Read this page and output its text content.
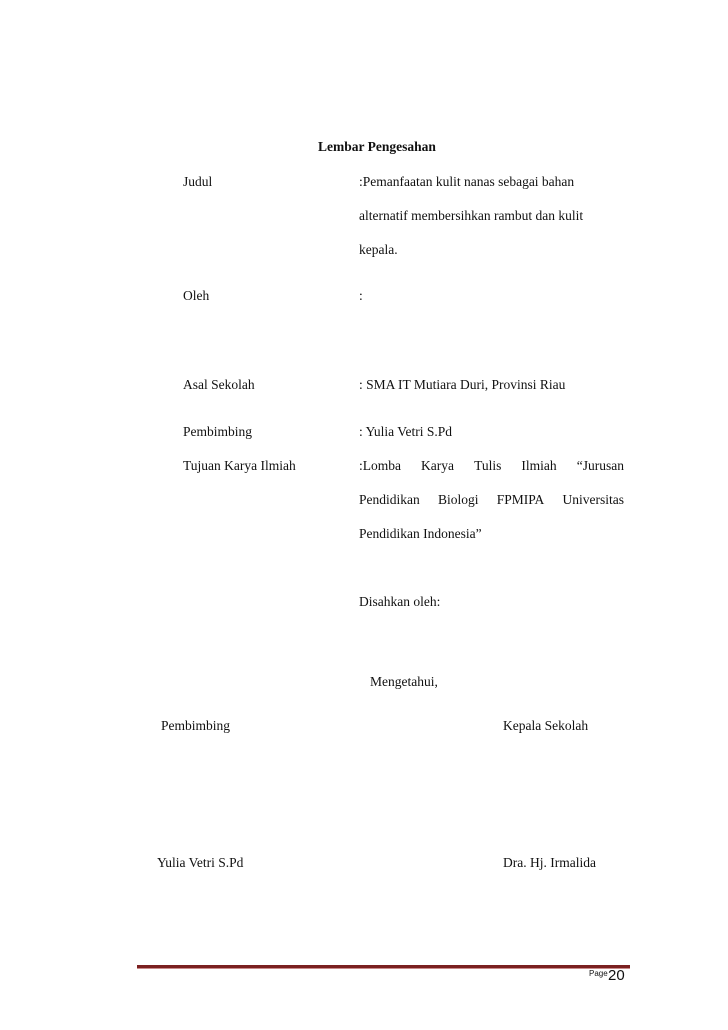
Lembar Pengesahan
Judul	:Pemanfaatan kulit nanas sebagai bahan
alternatif membersihkan rambut dan kulit
kepala.
Oleh	:
Asal Sekolah	: SMA IT Mutiara Duri, Provinsi Riau
Pembimbing	: Yulia Vetri S.Pd
Tujuan Karya Ilmiah	:Lomba Karya Tulis Ilmiah “Jurusan
Pendidikan Biologi FPMIPA Universitas
Pendidikan Indonesia”
Disahkan oleh:
Mengetahui,
Pembimbing	Kepala Sekolah
Yulia Vetri S.Pd	Dra. Hj. Irmalida
Page 20
